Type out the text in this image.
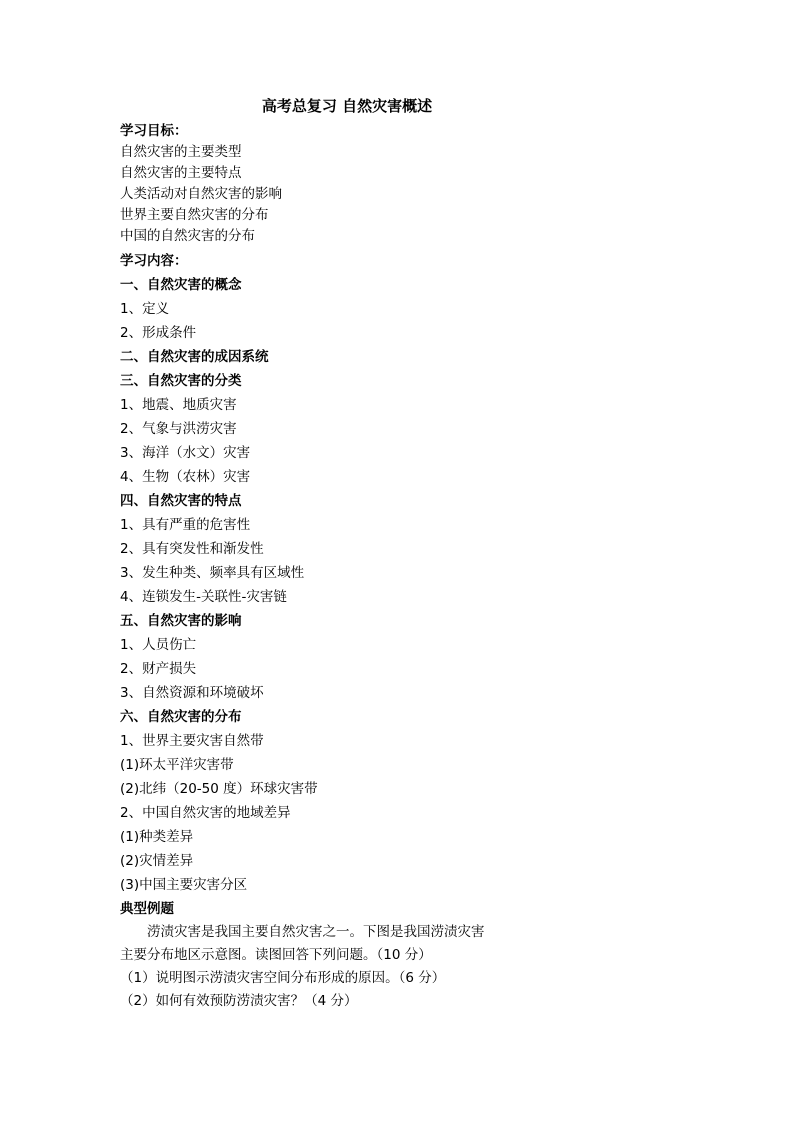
高考总复习 自然灾害概述
学习目标：
自然灾害的主要类型
自然灾害的主要特点
人类活动对自然灾害的影响
世界主要自然灾害的分布
中国的自然灾害的分布
学习内容：
一、自然灾害的概念
1、定义
2、形成条件
二、自然灾害的成因系统
三、自然灾害的分类
1、地震、地质灾害
2、气象与洪涝灾害
3、海洋（水文）灾害
4、生物（农林）灾害
四、自然灾害的特点
1、具有严重的危害性
2、具有突发性和渐发性
3、发生种类、频率具有区域性
4、连锁发生-关联性-灾害链
五、自然灾害的影响
1、人员伤亡
2、财产损失
3、自然资源和环境破坏
六、自然灾害的分布
1、世界主要灾害自然带
(1)环太平洋灾害带
(2)北纬（20-50 度）环球灾害带
2、中国自然灾害的地域差异
(1)种类差异
(2)灾情差异
(3)中国主要灾害分区
典型例题
涝渍灾害是我国主要自然灾害之一。下图是我国涝渍灾害主要分布地区示意图。读图回答下列问题。（10 分）
（1）说明图示涝渍灾害空间分布形成的原因。（6 分）
（2）如何有效预防涝渍灾害？（4 分）
